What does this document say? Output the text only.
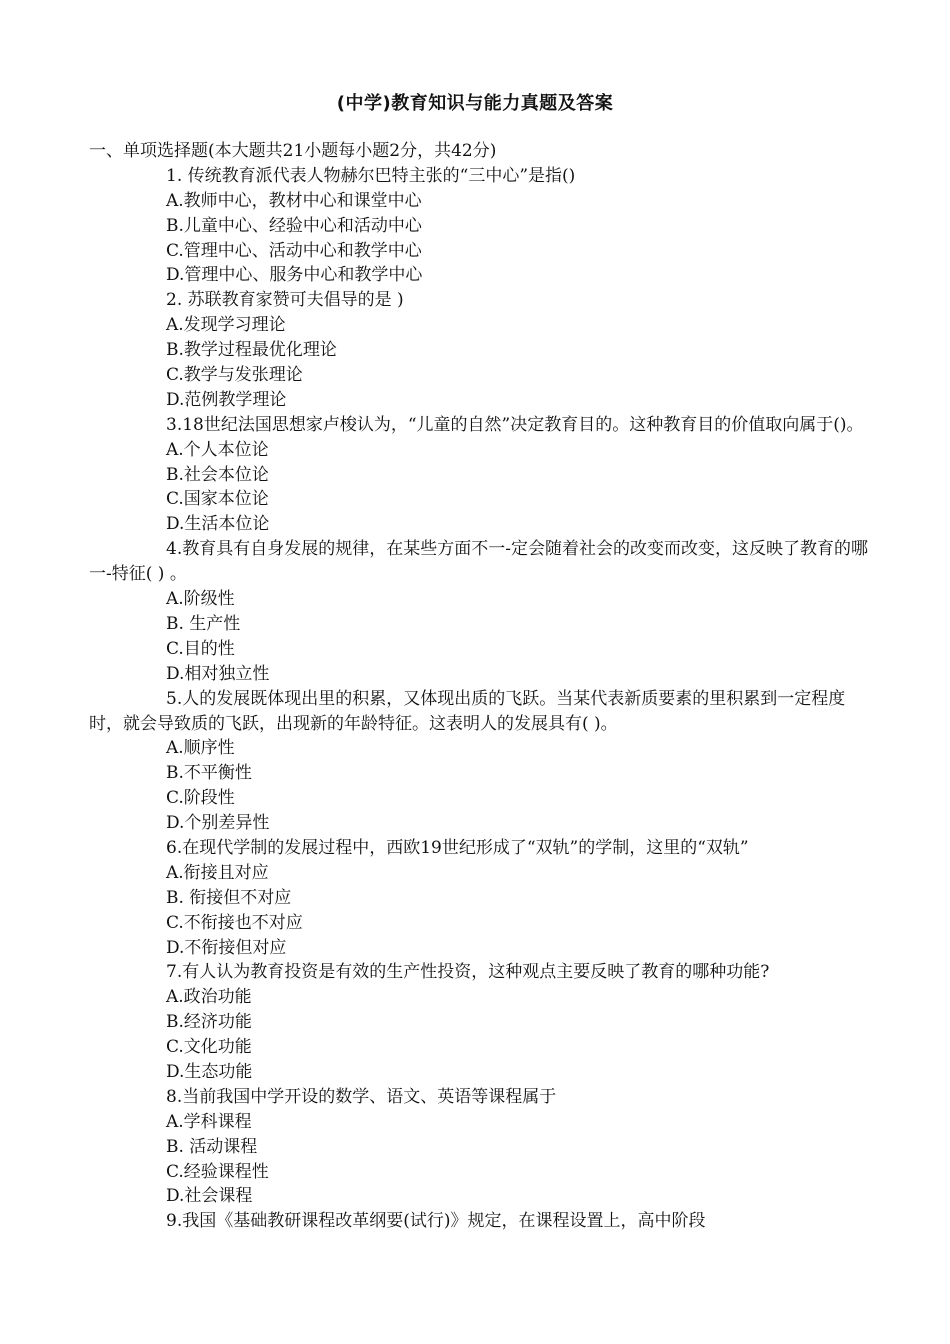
(中学)教育知识与能力真题及答案
一、单项选择题(本大题共21小题每小题2分，共42分)
1. 传统教育派代表人物赫尔巴特主张的“三中心”是指()
A.教师中心，教材中心和课堂中心
B.儿童中心、经验中心和活动中心
C.管理中心、活动中心和教学中心
D.管理中心、服务中心和教学中心
2. 苏联教育家赞可夫倡导的是 )
A.发现学习理论
B.教学过程最优化理论
C.教学与发张理论
D.范例教学理论
3.18世纪法国思想家卢梭认为，“儿童的自然”决定教育目的。这种教育目的价值取向属于()。
A.个人本位论
B.社会本位论
C.国家本位论
D.生活本位论
4.教育具有自身发展的规律，在某些方面不一-定会随着社会的改变而改变，这反映了教育的哪一-特征( ) 。
A.阶级性
B. 生产性
C.目的性
D.相对独立性
5.人的发展既体现出里的积累，又体现出质的飞跃。当某代表新质要素的里积累到一定程度时，就会导致质的飞跃，出现新的年龄特征。这表明人的发展具有( )。
A.顺序性
B.不平衡性
C.阶段性
D.个别差异性
6.在现代学制的发展过程中，西欧19世纪形成了“双轨”的学制，这里的“双轨”
A.衔接且对应
B. 衔接但不对应
C.不衔接也不对应
D.不衔接但对应
7.有人认为教育投资是有效的生产性投资，这种观点主要反映了教育的哪种功能?
A.政治功能
B.经济功能
C.文化功能
D.生态功能
8.当前我国中学开设的数学、语文、英语等课程属于
A.学科课程
B. 活动课程
C.经验课程性
D.社会课程
9.我国《基础教研课程改革纲要(试行)》规定，在课程设置上，高中阶段
